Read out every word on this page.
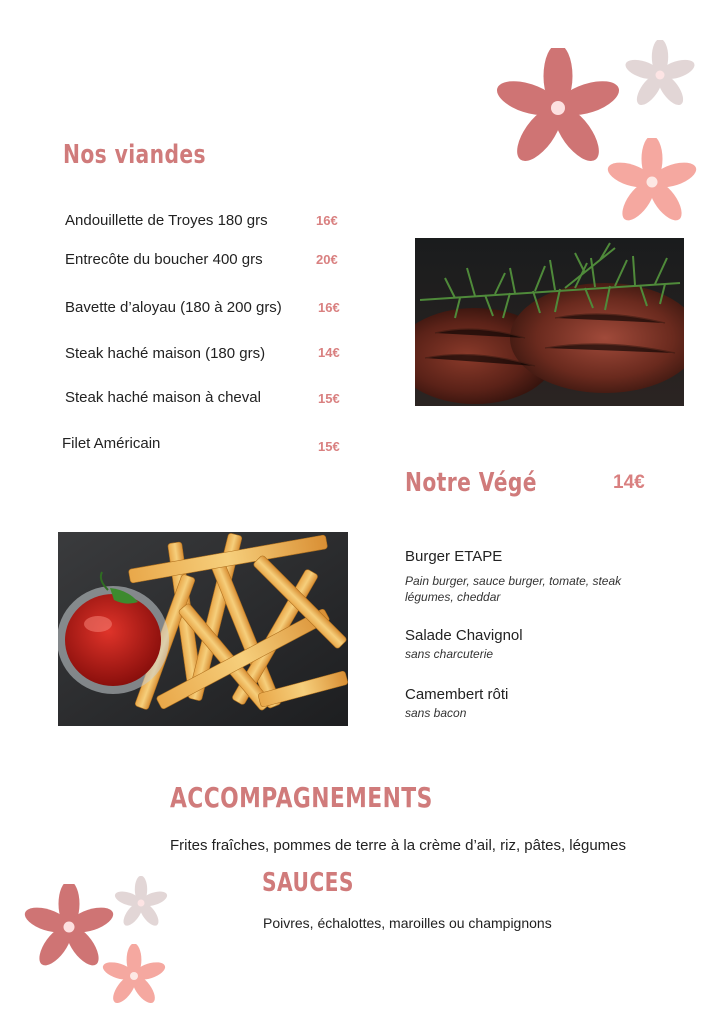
Nos viandes
Andouillette de Troyes 180 grs	16€
Entrecôte du boucher 400 grs	20€
Bavette d’aloyau (180 à 200 grs)	16€
Steak haché maison (180 grs)	14€
Steak haché maison à cheval	15€
Filet Américain	15€
Notre Végé	14€
Burger ETAPE
Pain burger, sauce burger, tomate, steak légumes, cheddar
Salade Chavignol
sans charcuterie
Camembert rôti
sans bacon
ACCOMPAGNEMENTS
Frites fraîches, pommes de terre à la crème d’ail, riz, pâtes, légumes
SAUCES
Poivres, échalottes, maroilles ou champignons
